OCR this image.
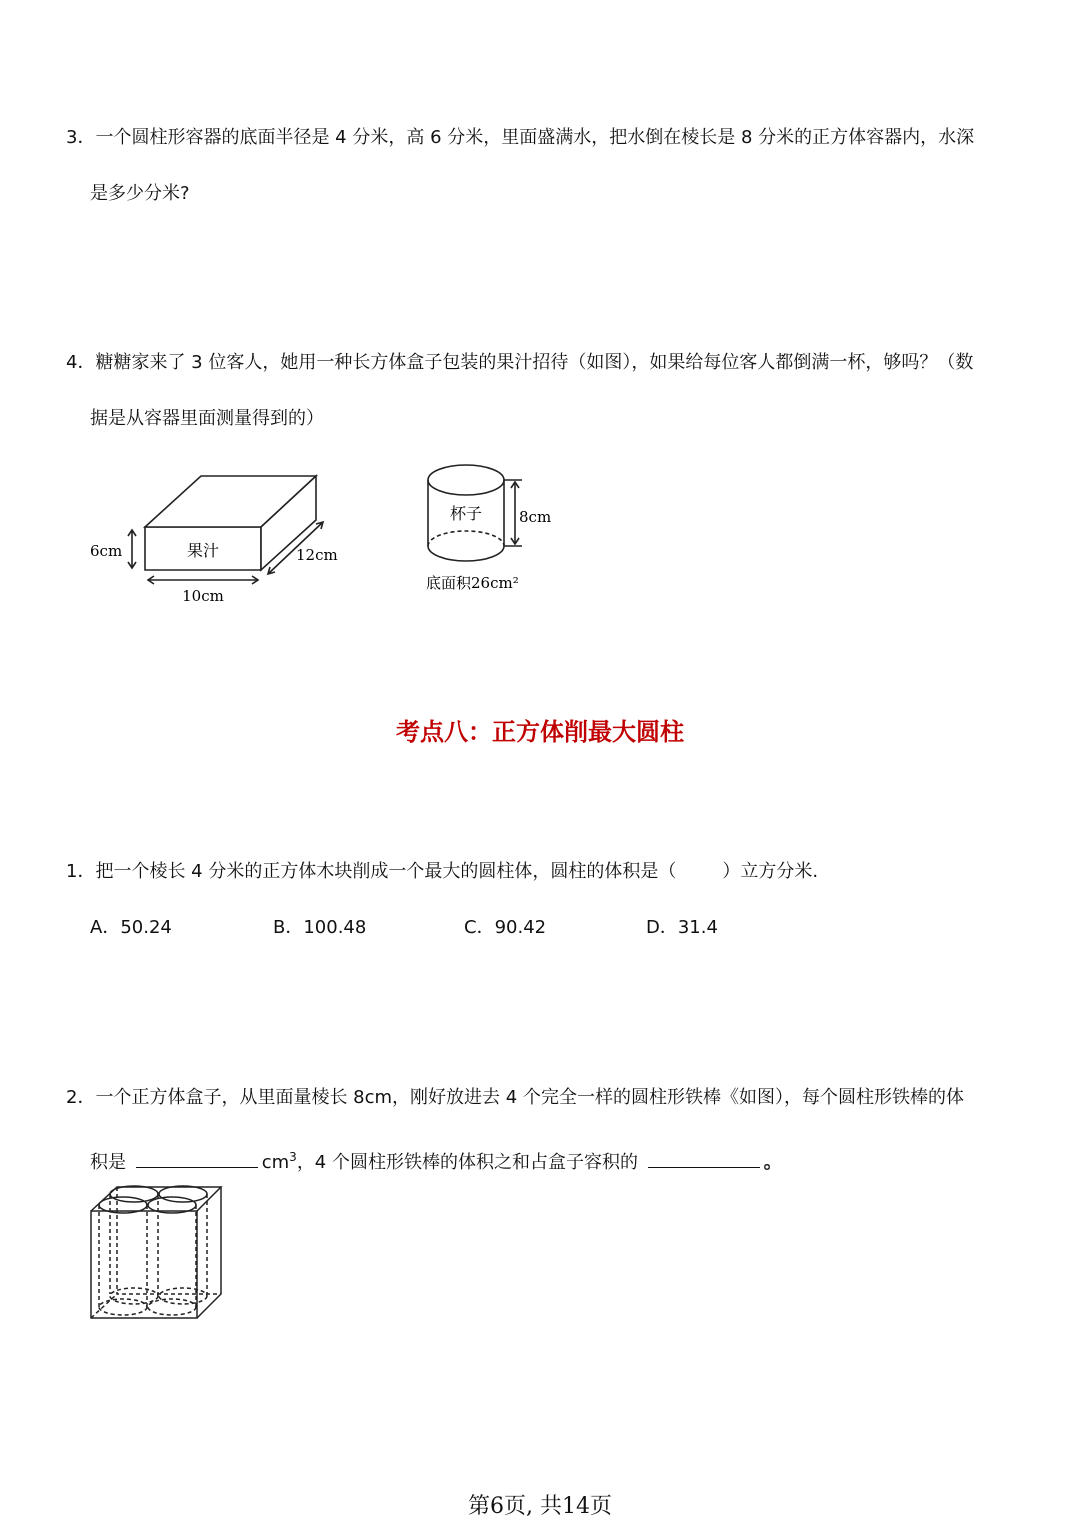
3．一个圆柱形容器的底面半径是 4 分米，高 6 分米，里面盛满水，把水倒在棱长是 8 分米的正方体容器内，水深
是多少分米?
4．糖糖家来了 3 位客人，她用一种长方体盒子包装的果汁招待（如图），如果给每位客人都倒满一杯，够吗？（数
据是从容器里面测量得到的）
果汁
6cm
10cm
12cm
杯子 8cm
底面积26cm²
考点八：正方体削最大圆柱
1．把一个棱长 4 分米的正方体木块削成一个最大的圆柱体，圆柱的体积是（	）立方分米.
A．50.24	B．100.48	C．90.42	D．31.4
2．一个正方体盒子，从里面量棱长 8cm，刚好放进去 4 个完全一样的圆柱形铁棒《如图），每个圆柱形铁棒的体
积是	$cm^3$，4 个圆柱形铁棒的体积之和占盒子容积的	。
第6页, 共14页
